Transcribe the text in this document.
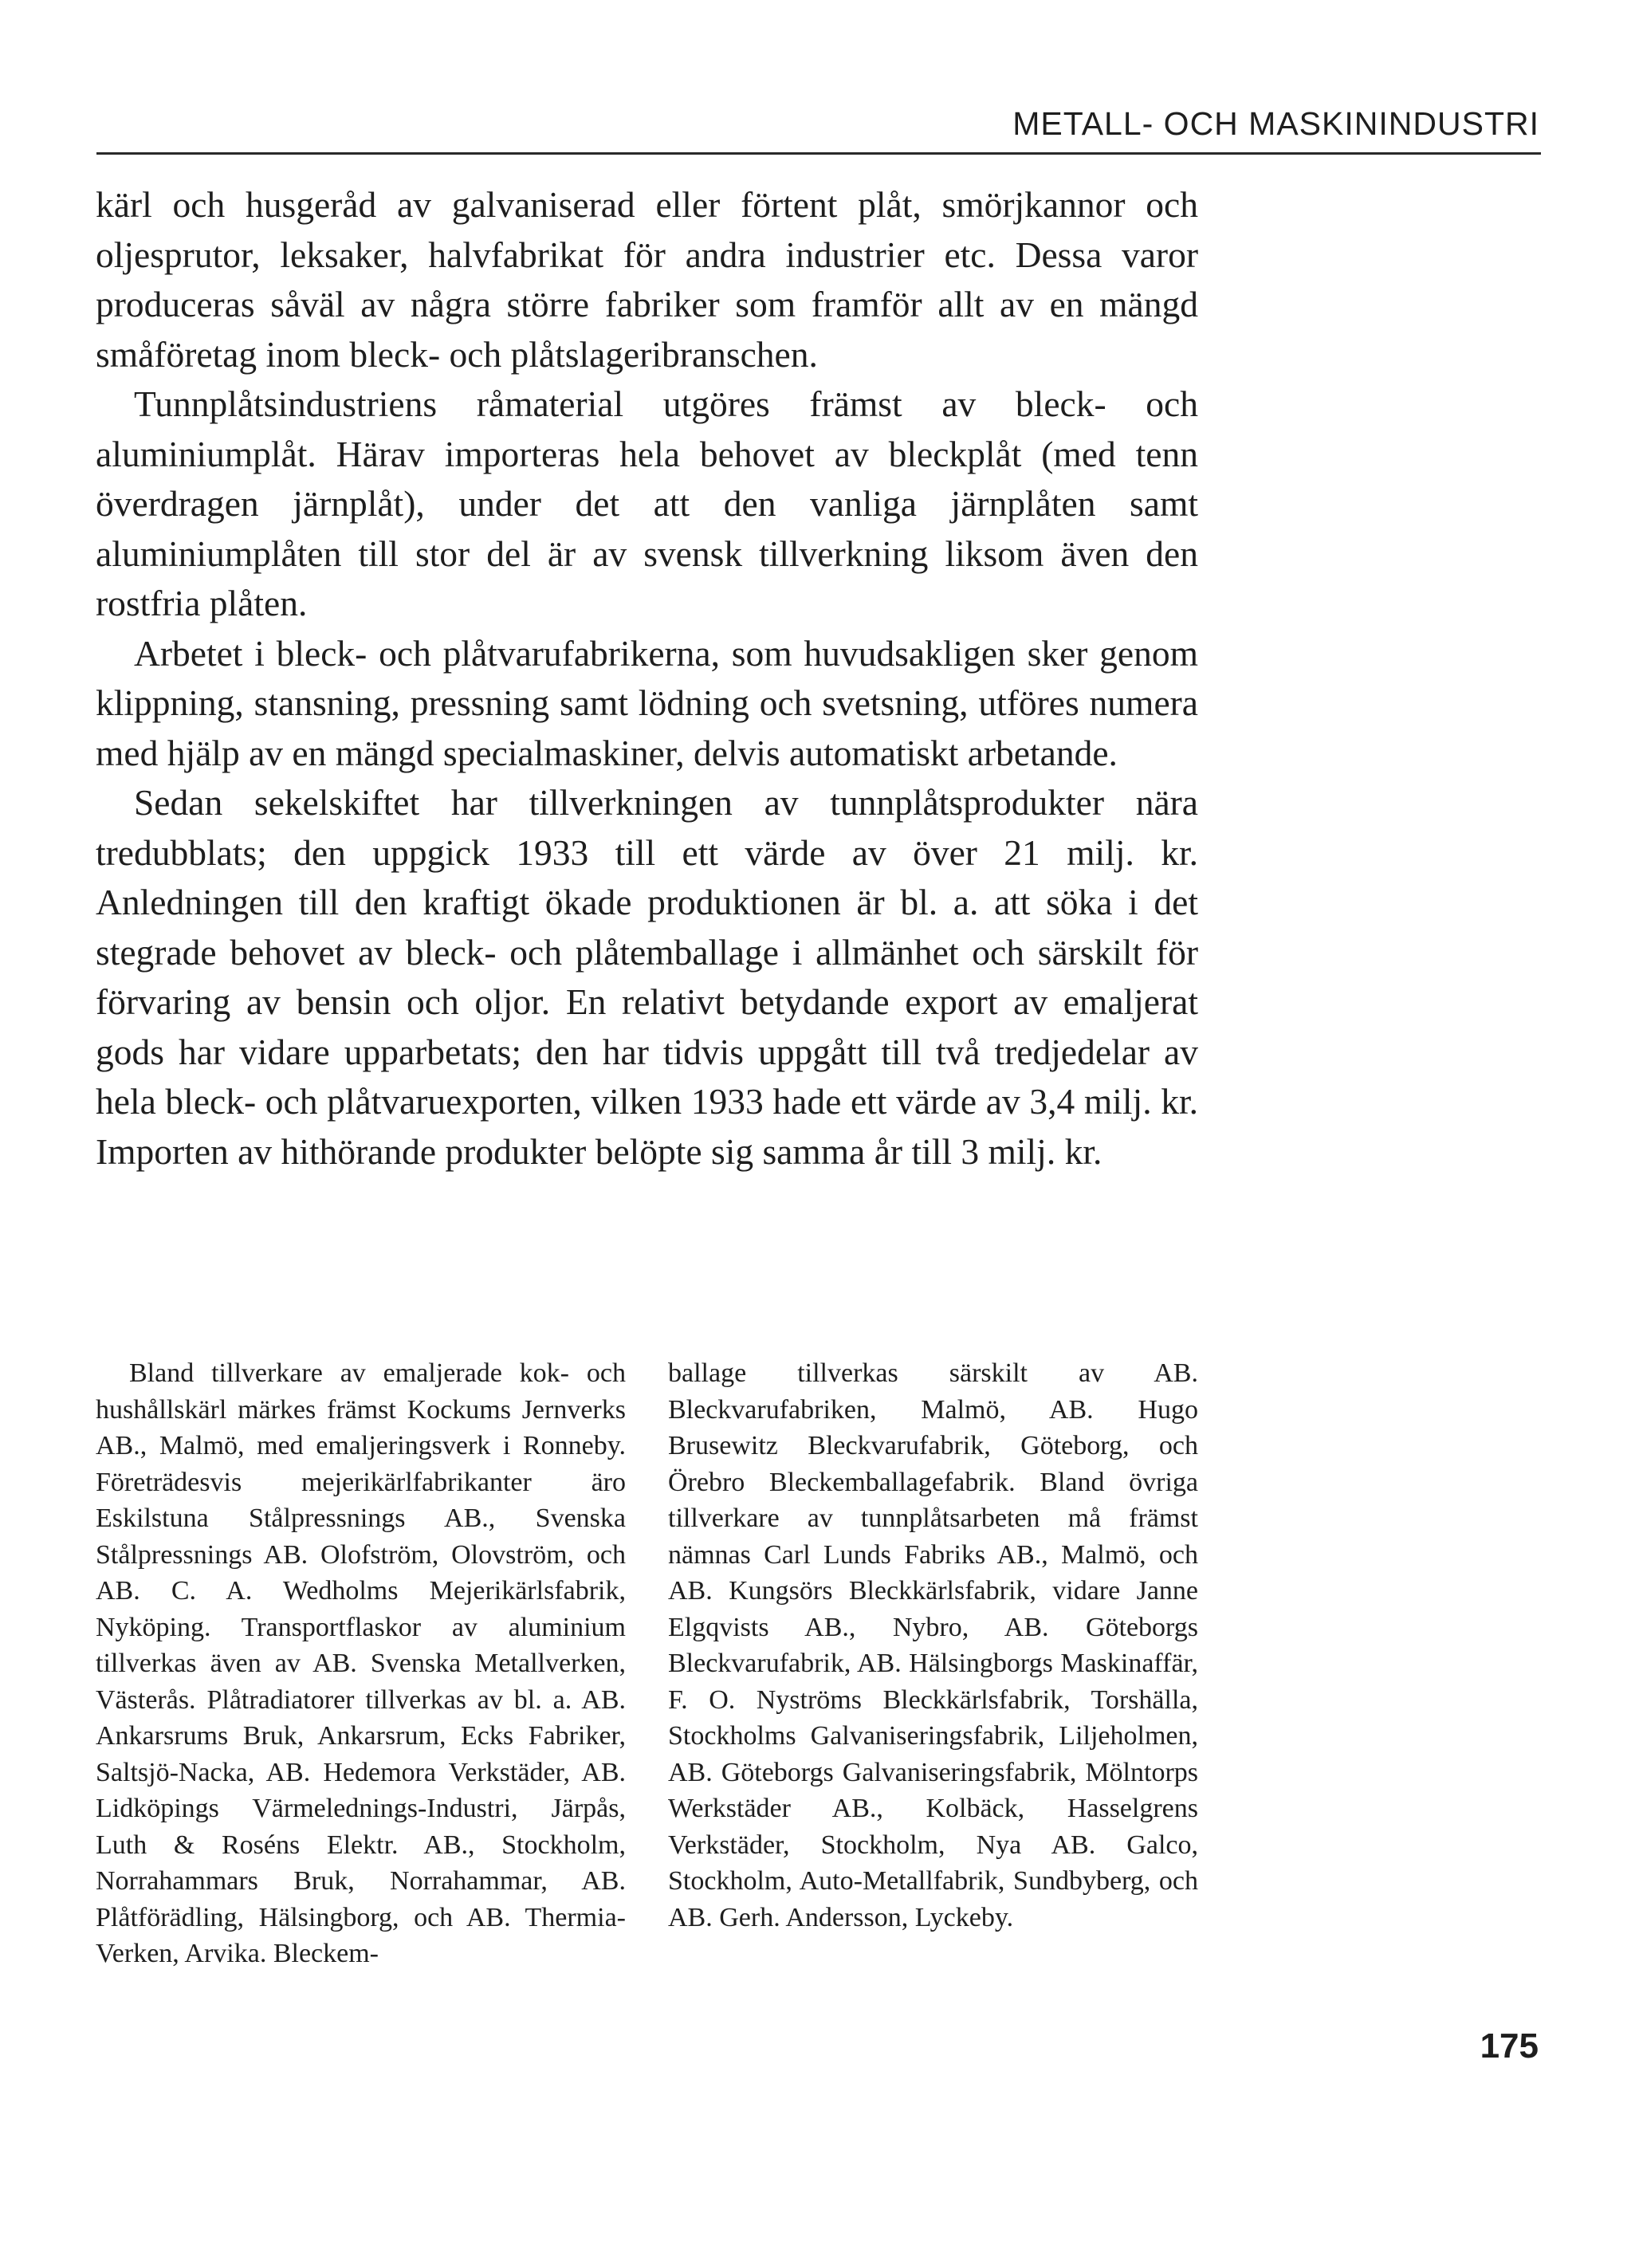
METALL- OCH MASKININDUSTRI

kärl och husgeråd av galvaniserad eller förtent plåt, smörjkannor och oljesprutor, leksaker, halvfabrikat för andra industrier etc. Dessa varor produceras såväl av några större fabriker som framför allt av en mängd småföretag inom bleck- och plåtslageribranschen.

Tunnplåtsindustriens råmaterial utgöres främst av bleck- och aluminiumplåt. Härav importeras hela behovet av bleckplåt (med tenn överdragen järnplåt), under det att den vanliga järnplåten samt aluminiumplåten till stor del är av svensk tillverkning liksom även den rostfria plåten.

Arbetet i bleck- och plåtvarufabrikerna, som huvudsakligen sker genom klippning, stansning, pressning samt lödning och svetsning, utföres numera med hjälp av en mängd specialmaskiner, delvis automatiskt arbetande.

Sedan sekelskiftet har tillverkningen av tunnplåtsprodukter nära tredubblats; den uppgick 1933 till ett värde av över 21 milj. kr. Anledningen till den kraftigt ökade produktionen är bl. a. att söka i det stegrade behovet av bleck- och plåtemballage i allmänhet och särskilt för förvaring av bensin och oljor. En relativt betydande export av emaljerat gods har vidare upparbetats; den har tidvis uppgått till två tredjedelar av hela bleck- och plåtvaruexporten, vilken 1933 hade ett värde av 3,4 milj. kr. Importen av hithörande produkter belöpte sig samma år till 3 milj. kr.

Bland tillverkare av emaljerade kok- och hushållskärl märkes främst Kockums Jernverks AB., Malmö, med emaljeringsverk i Ronneby. Företrädesvis mejerikärlfabrikanter äro Eskilstuna Stålpressnings AB., Svenska Stålpressnings AB. Olofström, Olovström, och AB. C. A. Wedholms Mejerikärlsfabrik, Nyköping. Transportflaskor av aluminium tillverkas även av AB. Svenska Metallverken, Västerås. Plåtradiatorer tillverkas av bl. a. AB. Ankarsrums Bruk, Ankarsrum, Ecks Fabriker, Saltsjö-Nacka, AB. Hedemora Verkstäder, AB. Lidköpings Värmelednings-Industri, Järpås, Luth & Roséns Elektr. AB., Stockholm, Norrahammars Bruk, Norrahammar, AB. Plåtförädling, Hälsingborg, och AB. Thermia-Verken, Arvika. Bleckem-

ballage tillverkas särskilt av AB. Bleckvarufabriken, Malmö, AB. Hugo Brusewitz Bleckvarufabrik, Göteborg, och Örebro Bleckemballagefabrik. Bland övriga tillverkare av tunnplåtsarbeten må främst nämnas Carl Lunds Fabriks AB., Malmö, och AB. Kungsörs Bleckkärlsfabrik, vidare Janne Elgqvists AB., Nybro, AB. Göteborgs Bleckvarufabrik, AB. Hälsingborgs Maskinaffär, F. O. Nyströms Bleckkärlsfabrik, Torshälla, Stockholms Galvaniseringsfabrik, Liljeholmen, AB. Göteborgs Galvaniseringsfabrik, Mölntorps Werkstäder AB., Kolbäck, Hasselgrens Verkstäder, Stockholm, Nya AB. Galco, Stockholm, Auto-Metallfabrik, Sundbyberg, och AB. Gerh. Andersson, Lyckeby.

175
